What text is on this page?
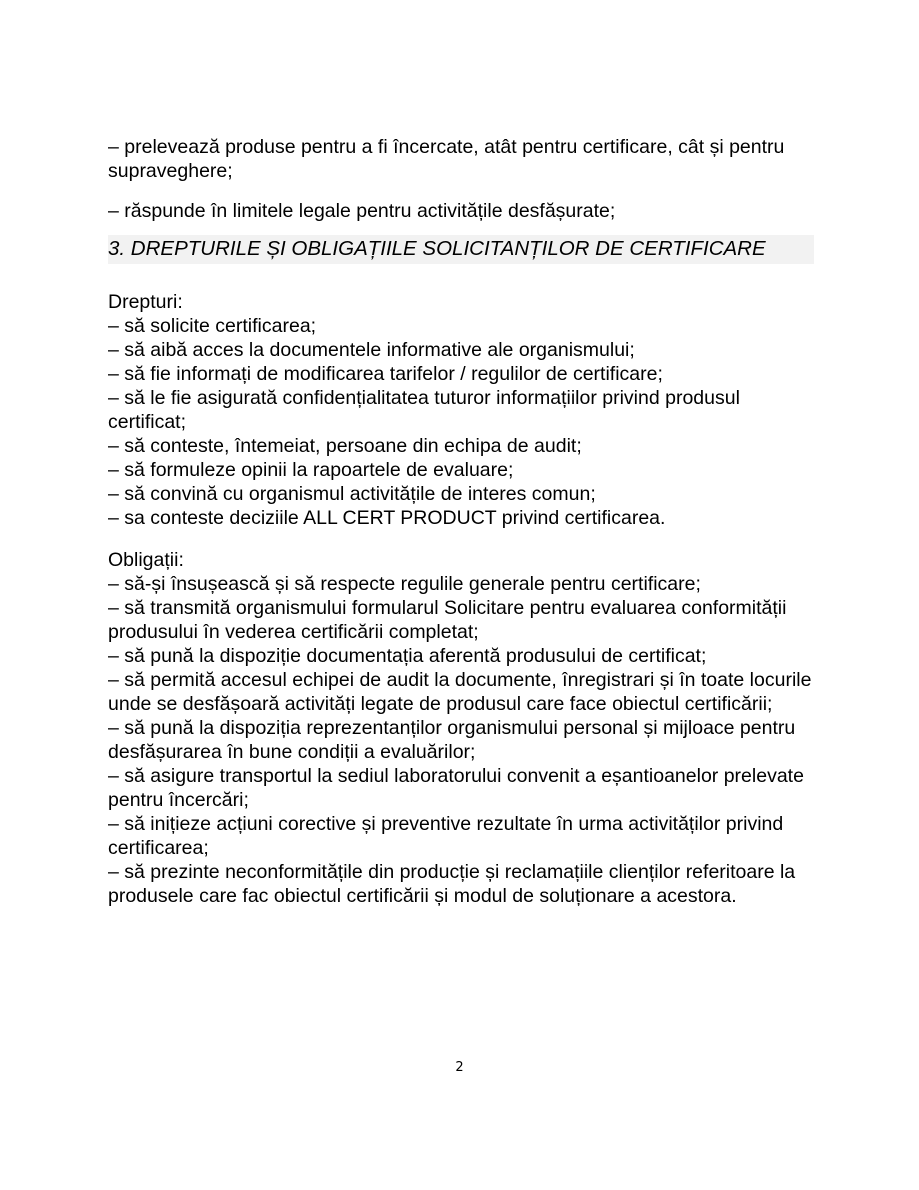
– prelevează produse pentru a fi încercate, atât pentru certificare, cât și pentru supraveghere;

– răspunde în limitele legale pentru activitățile desfășurate;

3. DREPTURILE ȘI OBLIGAȚIILE SOLICITANȚILOR DE CERTIFICARE

Drepturi:

– să solicite certificarea;

– să aibă acces la documentele informative ale organismului;
– să fie informați de modificarea tarifelor / regulilor de certificare;
– să le fie asigurată confidențialitatea tuturor informațiilor privind produsul certificat;
– să conteste, întemeiat, persoane din echipa de audit;
– să formuleze opinii la rapoartele de evaluare;
– să convină cu organismul activitățile de interes comun;
– sa conteste deciziile ALL CERT PRODUCT privind certificarea.

Obligații:

– să-și însușească și să respecte regulile generale pentru certificare;
– să transmită organismului formularul Solicitare pentru evaluarea conformității produsului în vederea certificării completat;
– să pună la dispoziție documentația aferentă produsului de certificat;
– să permită accesul echipei de audit la documente, înregistrari și în toate locurile unde se desfășoară activități legate de produsul care face obiectul certificării;
– să pună la dispoziția reprezentanților organismului personal și mijloace pentru desfășurarea în bune condiții a evaluărilor;
– să asigure transportul la sediul laboratorului convenit a eșantioanelor prelevate pentru încercări;
– să inițieze acțiuni corective și preventive rezultate în urma activităților privind certificarea;
– să prezinte neconformitățile din producție și reclamațiile clienților referitoare la produsele care fac obiectul certificării și modul de soluționare a acestora.
2
